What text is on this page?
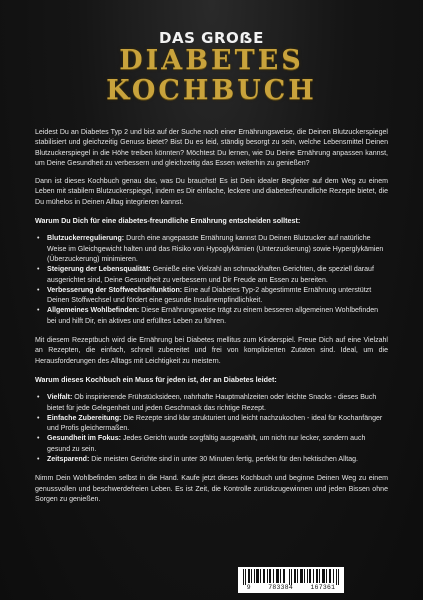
DAS GROẞE
DIABETES
KOCHBUCH

Leidest Du an Diabetes Typ 2 und bist auf der Suche nach einer Ernährungsweise, die Deinen Blutzuckerspiegel stabilisiert und gleichzeitig Genuss bietet? Bist Du es leid, ständig besorgt zu sein, welche Lebensmittel Deinen Blutzuckerspiegel in die Höhe treiben könnten? Möchtest Du lernen, wie Du Deine Ernährung anpassen kannst, um Deine Gesundheit zu verbessern und gleichzeitig das Essen weiterhin zu genießen?

Dann ist dieses Kochbuch genau das, was Du brauchst! Es ist Dein idealer Begleiter auf dem Weg zu einem Leben mit stabilem Blutzuckerspiegel, indem es Dir einfache, leckere und diabetesfreundliche Rezepte bietet, die Du mühelos in Deinen Alltag integrieren kannst.

Warum Du Dich für eine diabetes-freundliche Ernährung entscheiden solltest:
• Blutzuckerregulierung: Durch eine angepasste Ernährung kannst Du Deinen Blutzucker auf natürliche Weise im Gleichgewicht halten und das Risiko von Hypoglykämien (Unterzuckerung) sowie Hyperglykämien (Überzuckerung) minimieren.
• Steigerung der Lebensqualität: Genieße eine Vielzahl an schmackhaften Gerichten, die speziell darauf ausgerichtet sind, Deine Gesundheit zu verbessern und Dir Freude am Essen zu bereiten.
• Verbesserung der Stoffwechselfunktion: Eine auf Diabetes Typ-2 abgestimmte Ernährung unterstützt Deinen Stoffwechsel und fördert eine gesunde Insulinempfindlichkeit.
• Allgemeines Wohlbefinden: Diese Ernährungsweise trägt zu einem besseren allgemeinen Wohlbefinden bei und hilft Dir, ein aktives und erfülltes Leben zu führen.

Mit diesem Rezeptbuch wird die Ernährung bei Diabetes mellitus zum Kinderspiel. Freue Dich auf eine Vielzahl an Rezepten, die einfach, schnell zubereitet und frei von komplizierten Zutaten sind. Ideal, um die Herausforderungen des Alltags mit Leichtigkeit zu meistern.

Warum dieses Kochbuch ein Muss für jeden ist, der an Diabetes leidet:
• Vielfalt: Ob inspirierende Frühstücksideen, nahrhafte Hauptmahlzeiten oder leichte Snacks - dieses Buch bietet für jede Gelegenheit und jeden Geschmack das richtige Rezept.
• Einfache Zubereitung: Die Rezepte sind klar strukturiert und leicht nachzukochen - ideal für Kochanfänger und Profis gleichermaßen.
• Gesundheit im Fokus: Jedes Gericht wurde sorgfältig ausgewählt, um nicht nur lecker, sondern auch gesund zu sein.
• Zeitsparend: Die meisten Gerichte sind in unter 30 Minuten fertig, perfekt für den hektischen Alltag.

Nimm Dein Wohlbefinden selbst in die Hand. Kaufe jetzt dieses Kochbuch und beginne Deinen Weg zu einem genussvollen und beschwerdefreien Leben. Es ist Zeit, die Kontrolle zurückzugewinnen und jeden Bissen ohne Sorgen zu genießen.

9	783384	167361
